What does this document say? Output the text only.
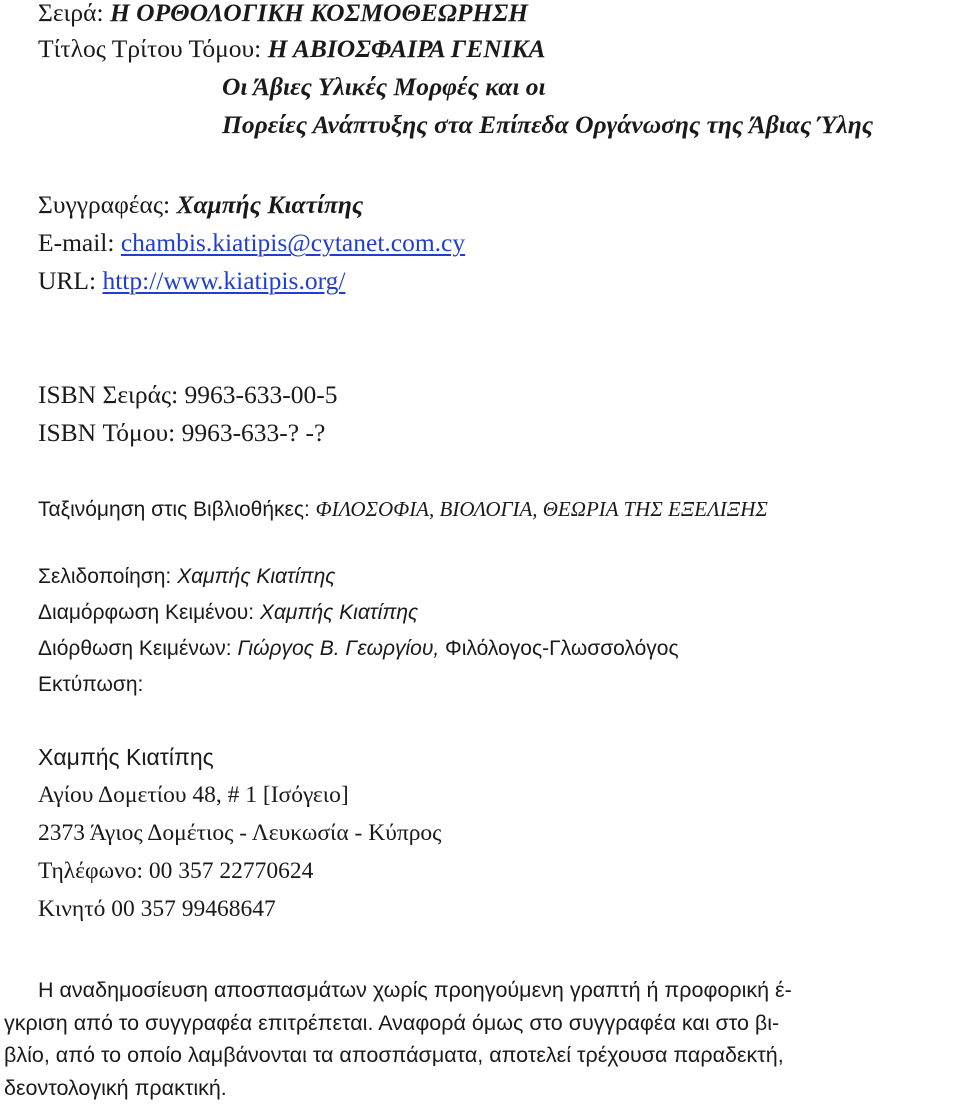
Σειρά: Η ΟΡΘΟΛΟΓΙΚΗ ΚΟΣΜΟΘΕΩΡΗΣΗ
Τίτλος Τρίτου Τόμου: Η ΑΒΙΟΣΦΑΙΡΑ ΓΕΝΙΚΑ
Οι Άβιες Υλικές Μορφές και οι
Πορείες Ανάπτυξης στα Επίπεδα Οργάνωσης της Άβιας Ύλης
Συγγραφέας: Χαμπής Κιατίπης
E-mail: chambis.kiatipis@cytanet.com.cy
URL: http://www.kiatipis.org/
ISBN Σειράς: 9963-633-00-5
ISBN Τόμου: 9963-633-? -?
Ταξινόμηση στις Βιβλιοθήκες: ΦΙΛΟΣΟΦΙΑ, ΒΙΟΛΟΓΙΑ, ΘΕΩΡΙΑ ΤΗΣ ΕΞΕΛΙΞΗΣ
Σελιδοποίηση: Χαμπής Κιατίπης
Διαμόρφωση Κειμένου: Χαμπής Κιατίπης
Διόρθωση Κειμένων: Γιώργος Β. Γεωργίου, Φιλόλογος-Γλωσσολόγος
Εκτύπωση:
Χαμπής Κιατίπης
Αγίου Δομετίου 48, # 1 [Ισόγειο]
2373 Άγιος Δομέτιος - Λευκωσία - Κύπρος
Τηλέφωνο: 00 357 22770624
Κινητό 00 357 99468647
Η αναδημοσίευση αποσπασμάτων χωρίς προηγούμενη γραπτή ή προφορική έ-
γκριση από το συγγραφέα επιτρέπεται. Αναφορά όμως στο συγγραφέα και στο βι-
βλίο, από το οποίο λαμβάνονται τα αποσπάσματα, αποτελεί τρέχουσα παραδεκτή,
δεοντολογική πρακτική.
